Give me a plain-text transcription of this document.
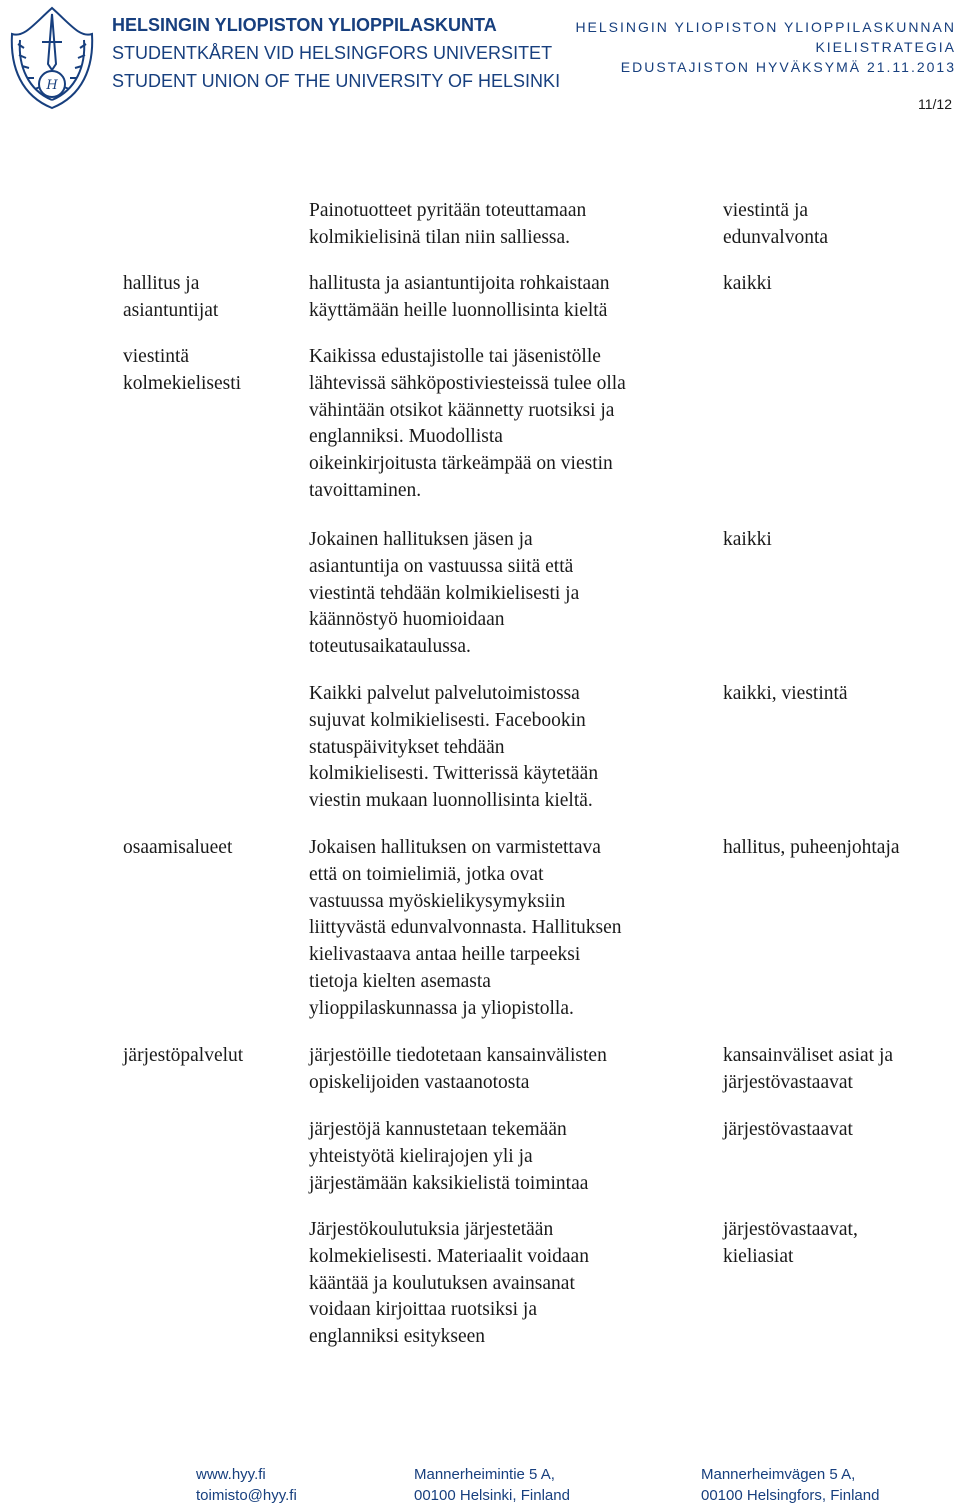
H
HELSINGIN YLIOPISTON YLIOPPILASKUNTA
STUDENTKÅREN VID HELSINGFORS UNIVERSITET
STUDENT UNION OF THE UNIVERSITY OF HELSINKI
HELSINGIN YLIOPISTON YLIOPPILASKUNNAN
KIELISTRATEGIA
EDUSTAJISTON HYVÄKSYMÄ 21.11.2013
11/12
Painotuotteet pyritään toteuttamaan
kolmikielisinä tilan niin salliessa.
viestintä ja
edunvalvonta
hallitus ja
asiantuntijat
hallitusta ja asiantuntijoita rohkaistaan
käyttämään heille luonnollisinta kieltä
kaikki
viestintä
kolmekielisesti
Kaikissa edustajistolle tai jäsenistölle
lähtevissä sähköpostiviesteissä tulee olla
vähintään otsikot käännetty ruotsiksi ja
englanniksi. Muodollista
oikeinkirjoitusta tärkeämpää on viestin
tavoittaminen.
Jokainen hallituksen jäsen ja
asiantuntija on vastuussa siitä että
viestintä tehdään kolmikielisesti ja
käännöstyö huomioidaan
toteutusaikataulussa.
kaikki
Kaikki palvelut palvelutoimistossa
sujuvat kolmikielisesti. Facebookin
statuspäivitykset tehdään
kolmikielisesti. Twitterissä käytetään
viestin mukaan luonnollisinta kieltä.
kaikki, viestintä
osaamisalueet	Jokaisen hallituksen on varmistettava
että on toimielimiä, jotka ovat
vastuussa myöskielikysymyksiin
liittyvästä edunvalvonnasta. Hallituksen
kielivastaava antaa heille tarpeeksi
tietoja kielten asemasta
ylioppilaskunnassa ja yliopistolla.
hallitus, puheenjohtaja
järjestöpalvelut	järjestöille tiedotetaan kansainvälisten
opiskelijoiden vastaanotosta
kansainväliset asiat ja
järjestövastaavat
järjestöjä kannustetaan tekemään
yhteistyötä kielirajojen yli ja
järjestämään kaksikielistä toimintaa
järjestövastaavat
Järjestökoulutuksia järjestetään
kolmekielisesti. Materiaalit voidaan
kääntää ja koulutuksen avainsanat
voidaan kirjoittaa ruotsiksi ja
englanniksi esitykseen
järjestövastaavat,
kieliasiat
www.hyy.fi
toimisto@hyy.fi
Mannerheimintie 5 A,
00100 Helsinki, Finland
Mannerheimvägen 5 A,
00100 Helsingfors, Finland
